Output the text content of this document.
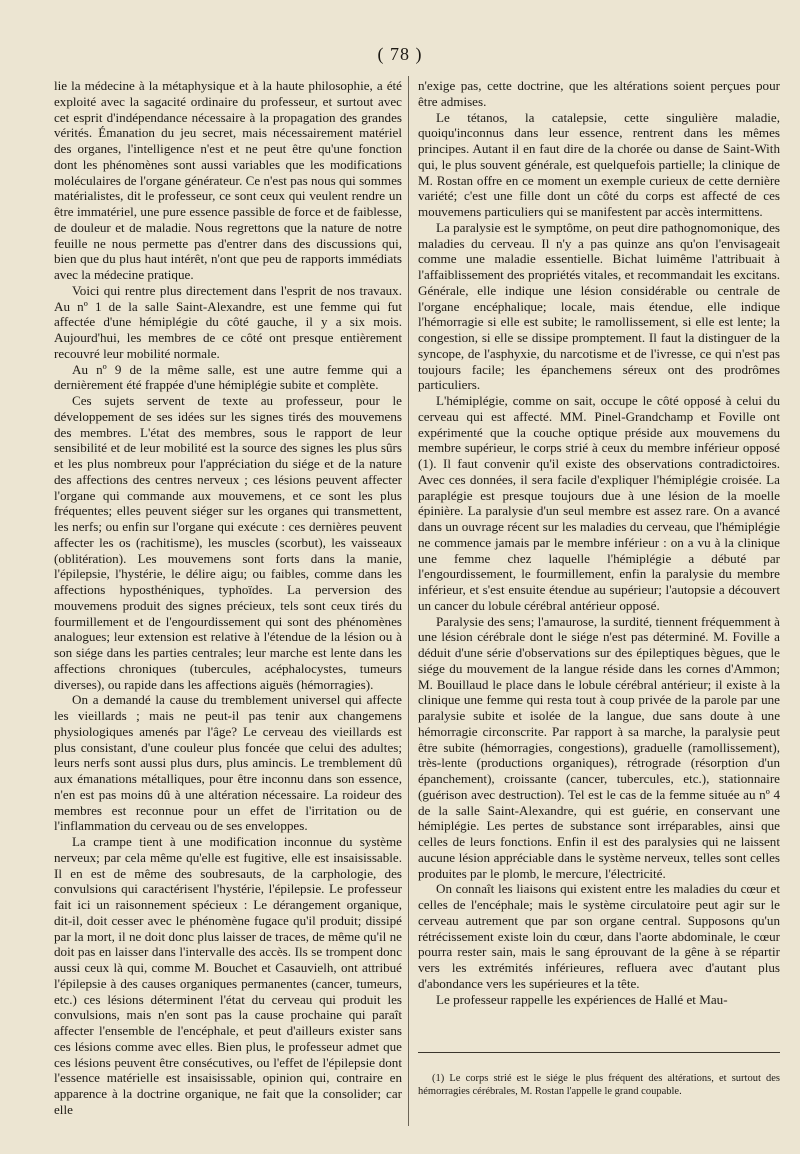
( 78 )

lie la médecine à la métaphysique et à la haute philosophie, a été exploité avec la sagacité ordinaire du professeur, et surtout avec cet esprit d'indépendance nécessaire à la propagation des grandes vérités. Émanation du jeu secret, mais nécessairement matériel des organes, l'intelligence n'est et ne peut être qu'une fonction dont les phénomènes sont aussi variables que les modifications moléculaires de l'organe générateur. Ce n'est pas nous qui sommes matérialistes, dit le professeur, ce sont ceux qui veulent rendre un être immatériel, une pure essence passible de force et de faiblesse, de douleur et de maladie. Nous regrettons que la nature de notre feuille ne nous permette pas d'entrer dans des discussions qui, bien que du plus haut intérêt, n'ont que peu de rapports immédiats avec la médecine pratique.

Voici qui rentre plus directement dans l'esprit de nos travaux. Au nº 1 de la salle Saint-Alexandre, est une femme qui fut affectée d'une hémiplégie du côté gauche, il y a six mois. Aujourd'hui, les membres de ce côté ont presque entièrement recouvré leur mobilité normale.

Au nº 9 de la même salle, est une autre femme qui a dernièrement été frappée d'une hémiplégie subite et complète.

Ces sujets servent de texte au professeur, pour le développement de ses idées sur les signes tirés des mouvemens des membres. L'état des membres, sous le rapport de leur sensibilité et de leur mobilité est la source des signes les plus sûrs et les plus nombreux pour l'appréciation du siége et de la nature des affections des centres nerveux ; ces lésions peuvent affecter l'organe qui commande aux mouvemens, et ce sont les plus fréquentes; elles peuvent siéger sur les organes qui transmettent, les nerfs; ou enfin sur l'organe qui exécute : ces dernières peuvent affecter les os (rachitisme), les muscles (scorbut), les vaisseaux (oblitération). Les mouvemens sont forts dans la manie, l'épilepsie, l'hystérie, le délire aigu; ou faibles, comme dans les affections hyposthéniques, typhoïdes. La perversion des mouvemens produit des signes précieux, tels sont ceux tirés du fourmillement et de l'engourdissement qui sont des phénomènes analogues; leur extension est relative à l'étendue de la lésion ou à son siége dans les parties centrales; leur marche est lente dans les affections chroniques (tubercules, acéphalocystes, tumeurs diverses), ou rapide dans les affections aiguës (hémorragies).

On a demandé la cause du tremblement universel qui affecte les vieillards ; mais ne peut-il pas tenir aux changemens physiologiques amenés par l'âge? Le cerveau des vieillards est plus consistant, d'une couleur plus foncée que celui des adultes; leurs nerfs sont aussi plus durs, plus amincis. Le tremblement dû aux émanations métalliques, pour être inconnu dans son essence, n'en est pas moins dû à une altération nécessaire. La roideur des membres est reconnue pour un effet de l'irritation ou de l'inflammation du cerveau ou de ses enveloppes.

La crampe tient à une modification inconnue du système nerveux; par cela même qu'elle est fugitive, elle est insaisissable. Il en est de même des soubresauts, de la carphologie, des convulsions qui caractérisent l'hystérie, l'épilepsie. Le professeur fait ici un raisonnement spécieux : Le dérangement organique, dit-il, doit cesser avec le phénomène fugace qu'il produit; dissipé par la mort, il ne doit donc plus laisser de traces, de même qu'il ne doit pas en laisser dans l'intervalle des accès. Ils se trompent donc aussi ceux là qui, comme M. Bouchet et Casauvielh, ont attribué l'épilepsie à des causes organiques permanentes (cancer, tumeurs, etc.) ces lésions déterminent l'état du cerveau qui produit les convulsions, mais n'en sont pas la cause prochaine qui paraît affecter l'ensemble de l'encéphale, et peut d'ailleurs exister sans ces lésions comme avec elles. Bien plus, le professeur admet que ces lésions peuvent être consécutives, ou l'effet de l'épilepsie dont l'essence matérielle est insaisissable, opinion qui, contraire en apparence à la doctrine organique, ne fait que la consolider; car elle

n'exige pas, cette doctrine, que les altérations soient perçues pour être admises.

Le tétanos, la catalepsie, cette singulière maladie, quoiqu'inconnus dans leur essence, rentrent dans les mêmes principes. Autant il en faut dire de la chorée ou danse de Saint-With qui, le plus souvent générale, est quelquefois partielle; la clinique de M. Rostan offre en ce moment un exemple curieux de cette dernière variété; c'est une fille dont un côté du corps est affecté de ces mouvemens particuliers qui se manifestent par accès intermittens.

La paralysie est le symptôme, on peut dire pathognomonique, des maladies du cerveau. Il n'y a pas quinze ans qu'on l'envisageait comme une maladie essentielle. Bichat luimême l'attribuait à l'affaiblissement des propriétés vitales, et recommandait les excitans. Générale, elle indique une lésion considérable ou centrale de l'organe encéphalique; locale, mais étendue, elle indique l'hémorragie si elle est subite; le ramollissement, si elle est lente; la congestion, si elle se dissipe promptement. Il faut la distinguer de la syncope, de l'asphyxie, du narcotisme et de l'ivresse, ce qui n'est pas toujours facile; les épanchemens séreux ont des prodrômes particuliers.

L'hémiplégie, comme on sait, occupe le côté opposé à celui du cerveau qui est affecté. MM. Pinel-Grandchamp et Foville ont expérimenté que la couche optique préside aux mouvemens du membre supérieur, le corps strié à ceux du membre inférieur opposé (1). Il faut convenir qu'il existe des observations contradictoires. Avec ces données, il sera facile d'expliquer l'hémiplégie croisée. La paraplégie est presque toujours due à une lésion de la moelle épinière. La paralysie d'un seul membre est assez rare. On a avancé dans un ouvrage récent sur les maladies du cerveau, que l'hémiplégie ne commence jamais par le membre inférieur : on a vu à la clinique une femme chez laquelle l'hémiplégie a débuté par l'engourdissement, le fourmillement, enfin la paralysie du membre inférieur, et s'est ensuite étendue au supérieur; l'autopsie a découvert un cancer du lobule cérébral antérieur opposé.

Paralysie des sens; l'amaurose, la surdité, tiennent fréquemment à une lésion cérébrale dont le siége n'est pas déterminé. M. Foville a déduit d'une série d'observations sur des épileptiques bègues, que le siége du mouvement de la langue réside dans les cornes d'Ammon; M. Bouillaud le place dans le lobule cérébral antérieur; il existe à la clinique une femme qui resta tout à coup privée de la parole par une paralysie subite et isolée de la langue, due sans doute à une hémorragie circonscrite. Par rapport à sa marche, la paralysie peut être subite (hémorragies, congestions), graduelle (ramollissement), très-lente (productions organiques), rétrograde (résorption d'un épanchement), croissante (cancer, tubercules, etc.), stationnaire (guérison avec destruction). Tel est le cas de la femme située au nº 4 de la salle Saint-Alexandre, qui est guérie, en conservant une hémiplégie. Les pertes de substance sont irréparables, ainsi que celles de leurs fonctions. Enfin il est des paralysies qui ne laissent aucune lésion appréciable dans le système nerveux, telles sont celles produites par le plomb, le mercure, l'électricité.

On connaît les liaisons qui existent entre les maladies du cœur et celles de l'encéphale; mais le système circulatoire peut agir sur le cerveau autrement que par son organe central. Supposons qu'un rétrécissement existe loin du cœur, dans l'aorte abdominale, le cœur pourra rester sain, mais le sang éprouvant de la gêne à se répartir vers les extrémités inférieures, refluera avec d'autant plus d'abondance vers les supérieures et la tête.

Le professeur rappelle les expériences de Hallé et Mau-

(1) Le corps strié est le siége le plus fréquent des altérations, et surtout des hémorragies cérébrales, M. Rostan l'appelle le grand coupable.
